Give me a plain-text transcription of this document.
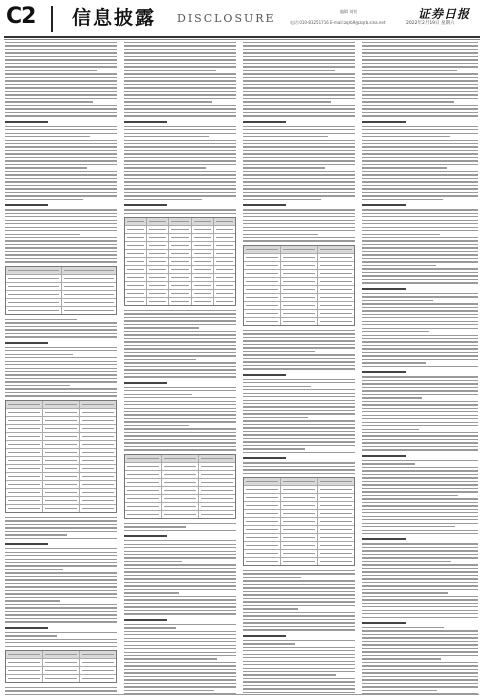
C2 信息披露 DISCLOSURE
编辑 刘钊	证券日报
电话:010-83251716 E-mail:zqrb9@zqrb.sina.net	2022年2月19日 星期六
